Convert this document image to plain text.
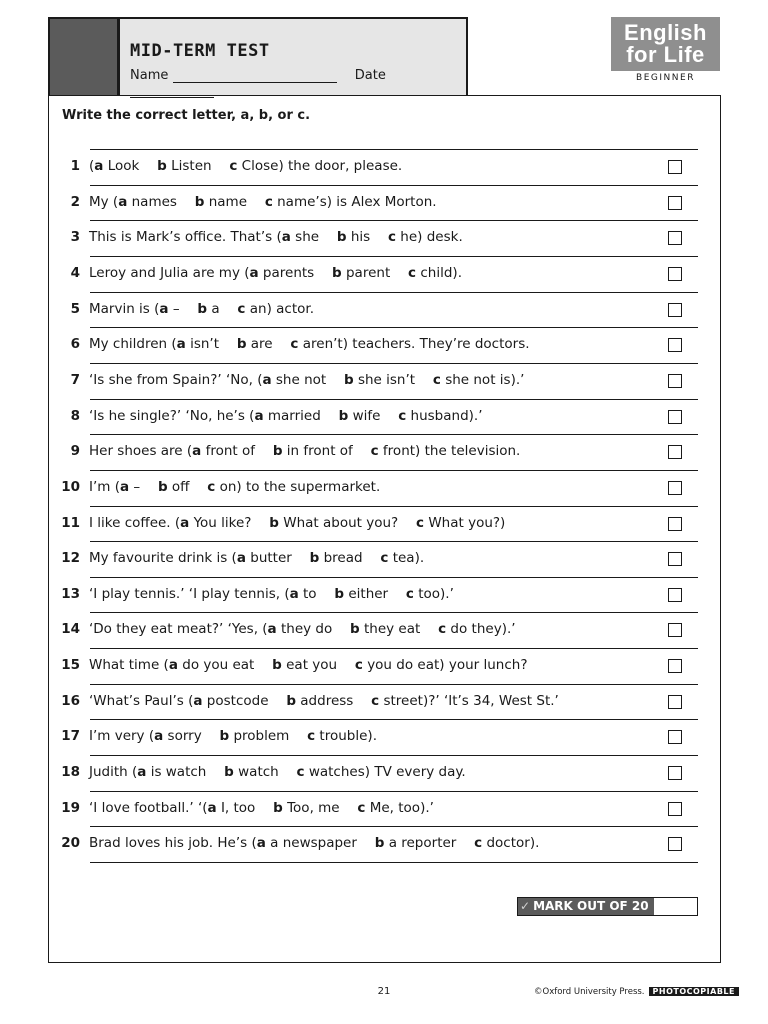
MID-TERM TEST
Name	Date
English
for Life
BEGINNER
Write the correct letter, a, b, or c.
1 (a Look  b Listen  c Close) the door, please.
2 My (a names  b name  c name’s) is Alex Morton.
3 This is Mark’s office. That’s (a she  b his  c he) desk.
4 Leroy and Julia are my (a parents  b parent  c child).
5 Marvin is (a –  b a  c an) actor.
6 My children (a isn’t  b are  c aren’t) teachers. They’re doctors.
7 ‘Is she from Spain?’ ‘No, (a she not  b she isn’t  c she not is).’
8 ‘Is he single?’ ‘No, he’s (a married  b wife  c husband).’
9 Her shoes are (a front of  b in front of  c front) the television.
10 I’m (a –  b off  c on) to the supermarket.
11 I like coffee. (a You like?  b What about you?  c What you?)
12 My favourite drink is (a butter  b bread  c tea).
13 ‘I play tennis.’ ‘I play tennis, (a to  b either  c too).’
14 ‘Do they eat meat?’ ‘Yes, (a they do  b they eat  c do they).’
15 What time (a do you eat  b eat you  c you do eat) your lunch?
16 ‘What’s Paul’s (a postcode  b address  c street)?’ ‘It’s 34, West St.’
17 I’m very (a sorry  b problem  c trouble).
18 Judith (a is watch  b watch  c watches) TV every day.
19 ‘I love football.’ ‘(a I, too  b Too, me  c Me, too).’
20 Brad loves his job. He’s (a a newspaper  b a reporter  c doctor).
✓ MARK OUT OF 20
21	©Oxford University Press. PHOTOCOPIABLE
